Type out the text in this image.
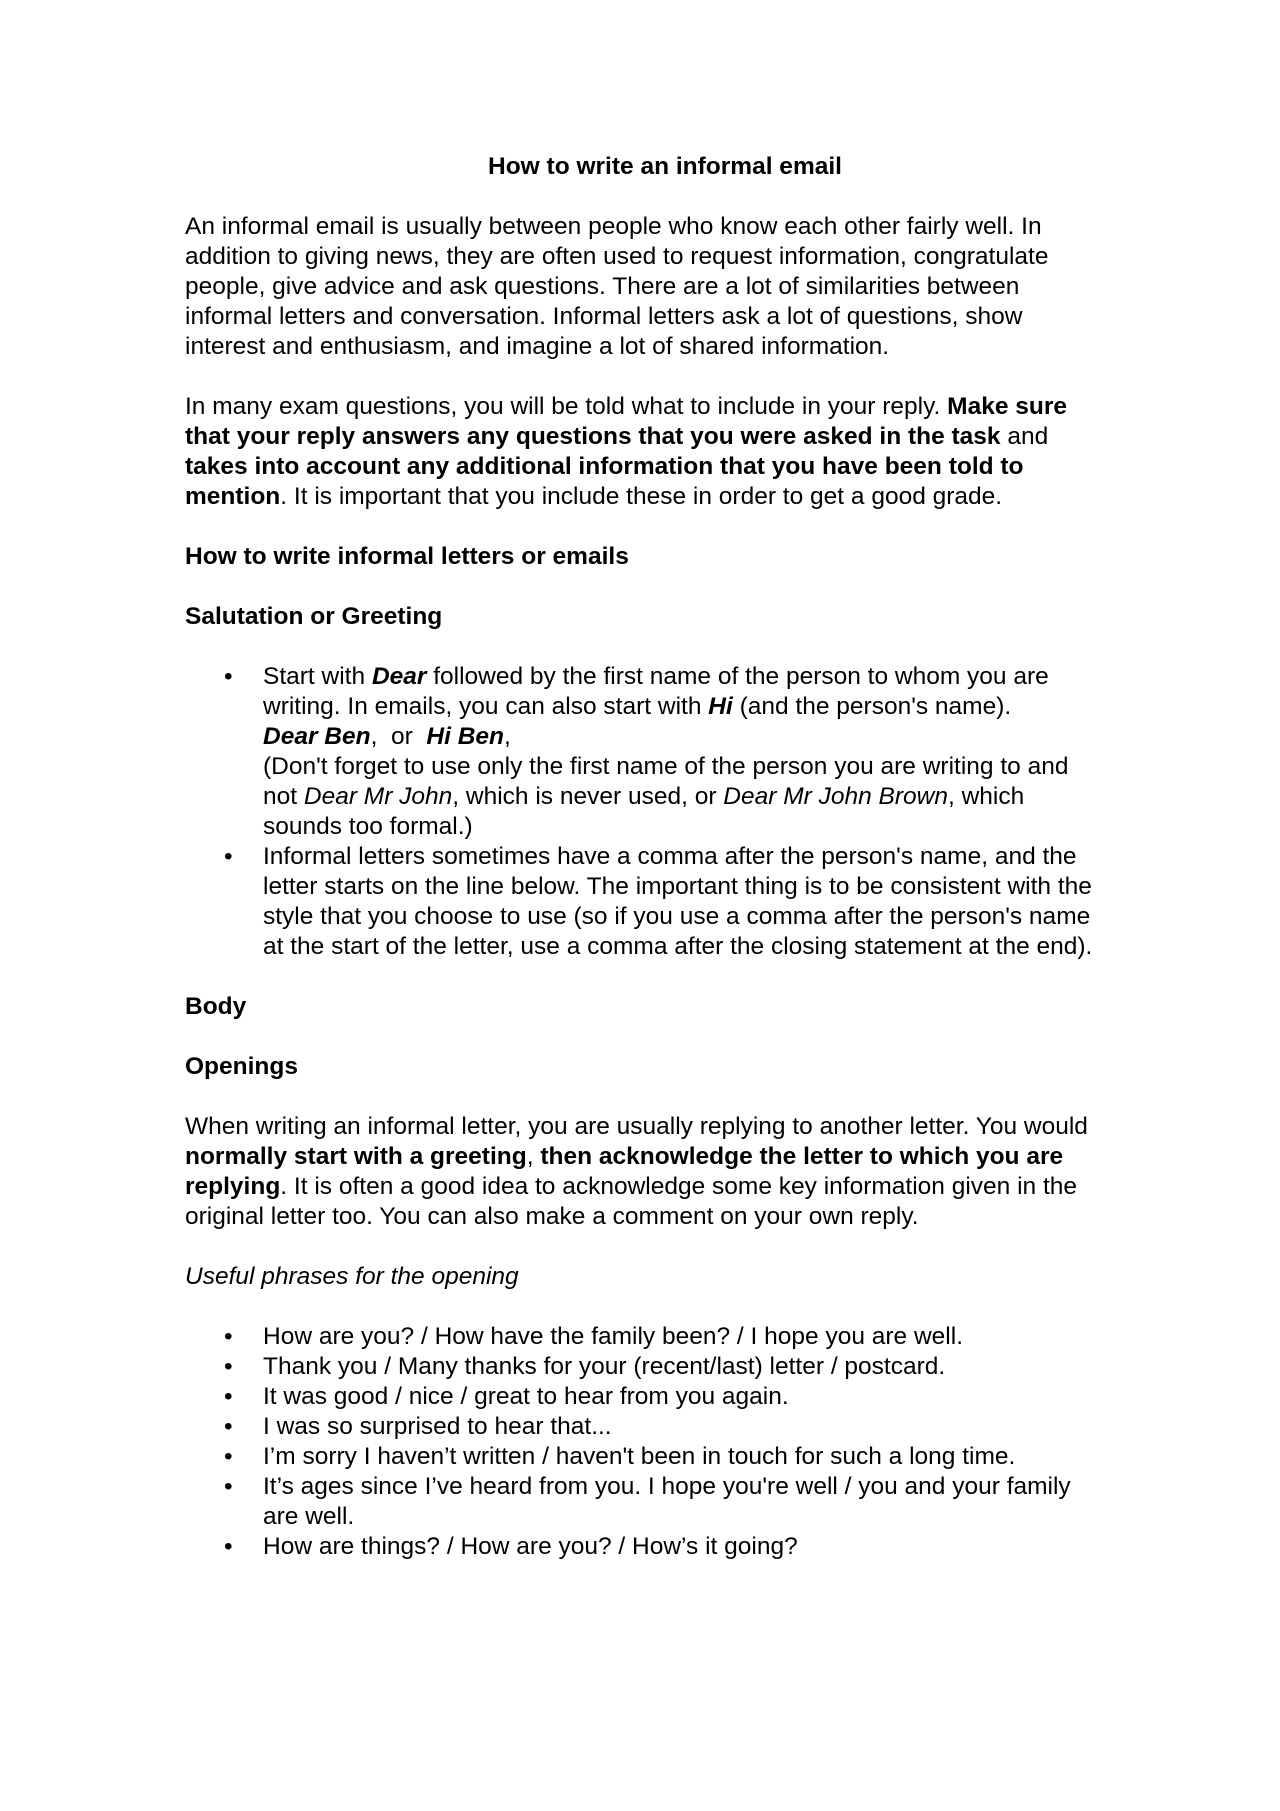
How to write an informal email

An informal email is usually between people who know each other fairly well. In addition to giving news, they are often used to request information, congratulate people, give advice and ask questions. There are a lot of similarities between informal letters and conversation. Informal letters ask a lot of questions, show interest and enthusiasm, and imagine a lot of shared information.

In many exam questions, you will be told what to include in your reply. Make sure that your reply answers any questions that you were asked in the task and takes into account any additional information that you have been told to mention. It is important that you include these in order to get a good grade.

How to write informal letters or emails
Salutation or Greeting
• Start with Dear followed by the first name of the person to whom you are writing. In emails, you can also start with Hi (and the person's name).
Dear Ben,  or  Hi Ben,
(Don't forget to use only the first name of the person you are writing to and not Dear Mr John, which is never used, or Dear Mr John Brown, which sounds too formal.)
• Informal letters sometimes have a comma after the person's name, and the letter starts on the line below. The important thing is to be consistent with the style that you choose to use (so if you use a comma after the person's name at the start of the letter, use a comma after the closing statement at the end).
Body
Openings

When writing an informal letter, you are usually replying to another letter. You would normally start with a greeting, then acknowledge the letter to which you are replying. It is often a good idea to acknowledge some key information given in the original letter too. You can also make a comment on your own reply.

Useful phrases for the opening
• How are you? / How have the family been? / I hope you are well.
• Thank you / Many thanks for your (recent/last) letter / postcard.
• It was good / nice / great to hear from you again.
• I was so surprised to hear that...
• I’m sorry I haven’t written / haven't been in touch for such a long time.
• It’s ages since I’ve heard from you. I hope you're well / you and your family are well.
• How are things? / How are you? / How’s it going?
